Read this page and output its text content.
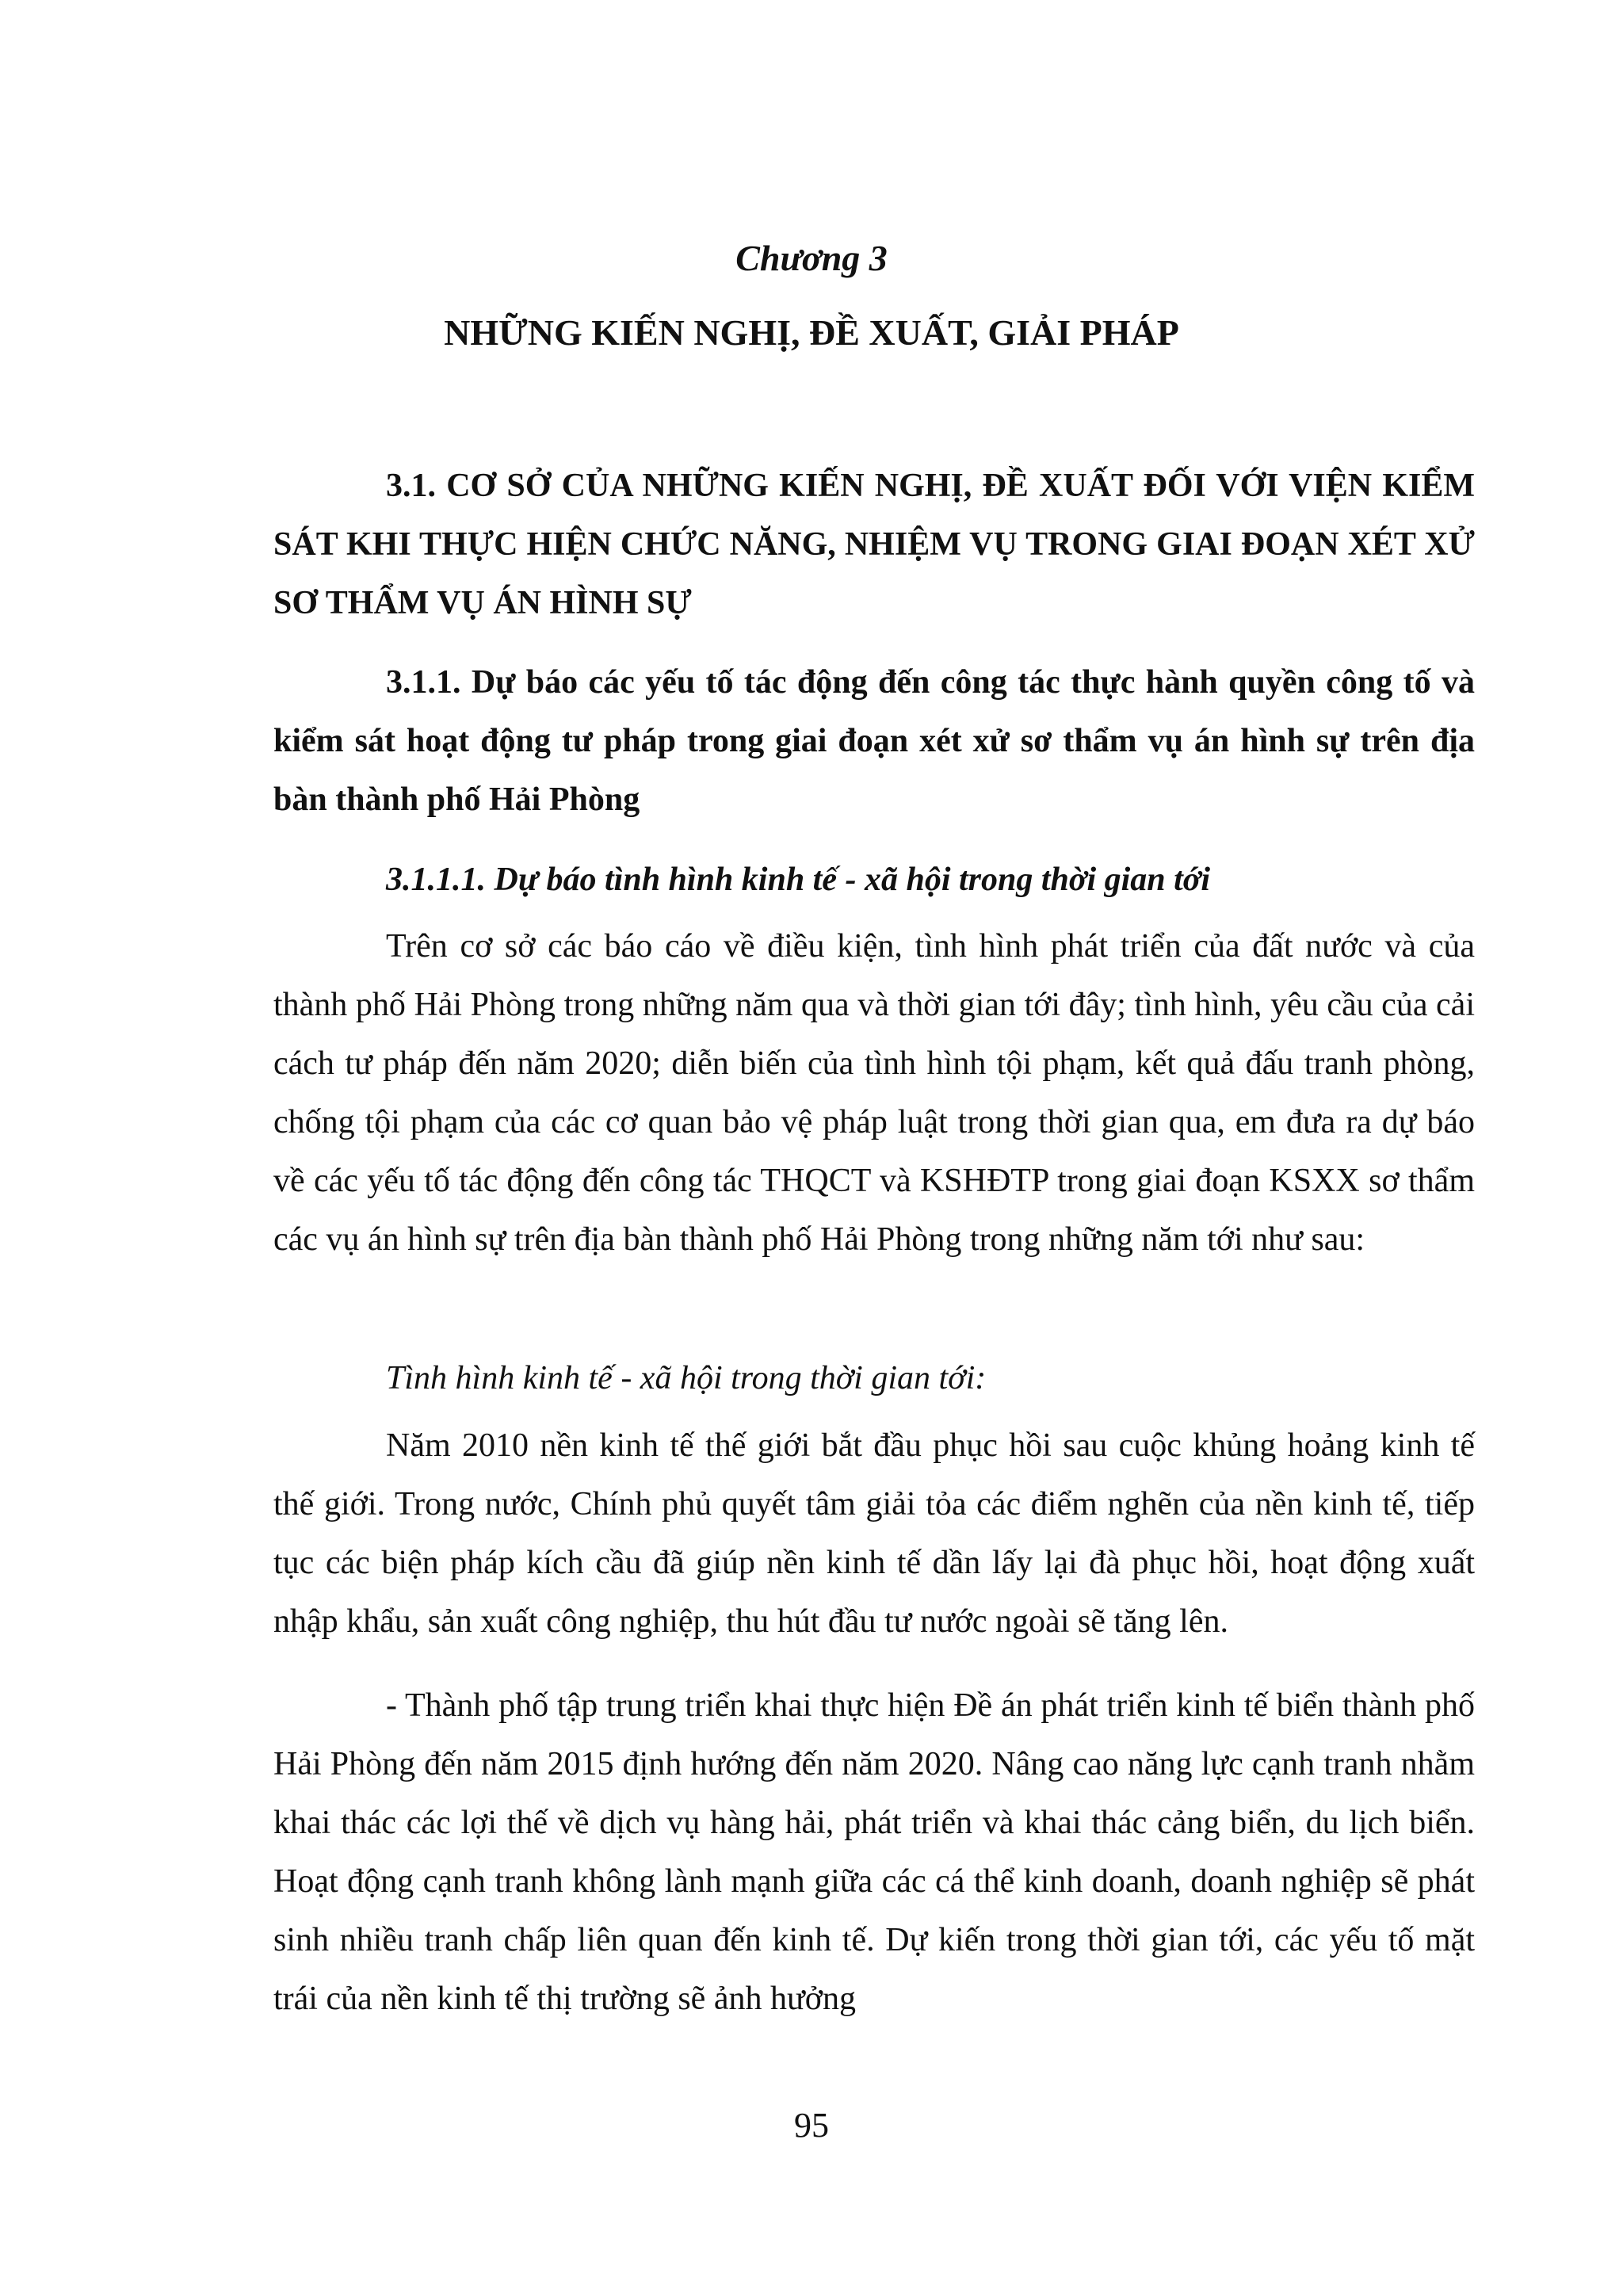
Chương 3
NHỮNG KIẾN NGHỊ, ĐỀ XUẤT, GIẢI PHÁP
3.1. CƠ SỞ CỦA NHỮNG KIẾN NGHỊ, ĐỀ XUẤT ĐỐI VỚI VIỆN KIỂM SÁT KHI THỰC HIỆN CHỨC NĂNG, NHIỆM VỤ TRONG GIAI ĐOẠN XÉT XỬ SƠ THẨM VỤ ÁN HÌNH SỰ
3.1.1. Dự báo các yếu tố tác động đến công tác thực hành quyền công tố và kiểm sát hoạt động tư pháp trong giai đoạn xét xử sơ thẩm vụ án hình sự trên địa bàn thành phố Hải Phòng
3.1.1.1. Dự báo tình hình kinh tế - xã hội trong thời gian tới
Trên cơ sở các báo cáo về điều kiện, tình hình phát triển của đất nước và của thành phố Hải Phòng trong những năm qua và thời gian tới đây; tình hình, yêu cầu của cải cách tư pháp đến năm 2020; diễn biến của tình hình tội phạm, kết quả đấu tranh phòng, chống tội phạm của các cơ quan bảo vệ pháp luật trong thời gian qua, em đưa ra dự báo về các yếu tố tác động đến công tác THQCT và KSHĐTP trong giai đoạn KSXX sơ thẩm các vụ án hình sự trên địa bàn thành phố Hải Phòng trong những năm tới như sau:
Tình hình kinh tế - xã hội trong thời gian tới:
Năm 2010 nền kinh tế thế giới bắt đầu phục hồi sau cuộc khủng hoảng kinh tế thế giới. Trong nước, Chính phủ quyết tâm giải tỏa các điểm nghẽn của nền kinh tế, tiếp tục các biện pháp kích cầu đã giúp nền kinh tế dần lấy lại đà phục hồi, hoạt động xuất nhập khẩu, sản xuất công nghiệp, thu hút đầu tư nước ngoài sẽ tăng lên.
- Thành phố tập trung triển khai thực hiện Đề án phát triển kinh tế biển thành phố Hải Phòng đến năm 2015 định hướng đến năm 2020. Nâng cao năng lực cạnh tranh nhằm khai thác các lợi thế về dịch vụ hàng hải, phát triển và khai thác cảng biển, du lịch biển. Hoạt động cạnh tranh không lành mạnh giữa các cá thể kinh doanh, doanh nghiệp sẽ phát sinh nhiều tranh chấp liên quan đến kinh tế. Dự kiến trong thời gian tới, các yếu tố mặt trái của nền kinh tế thị trường sẽ ảnh hưởng
95
